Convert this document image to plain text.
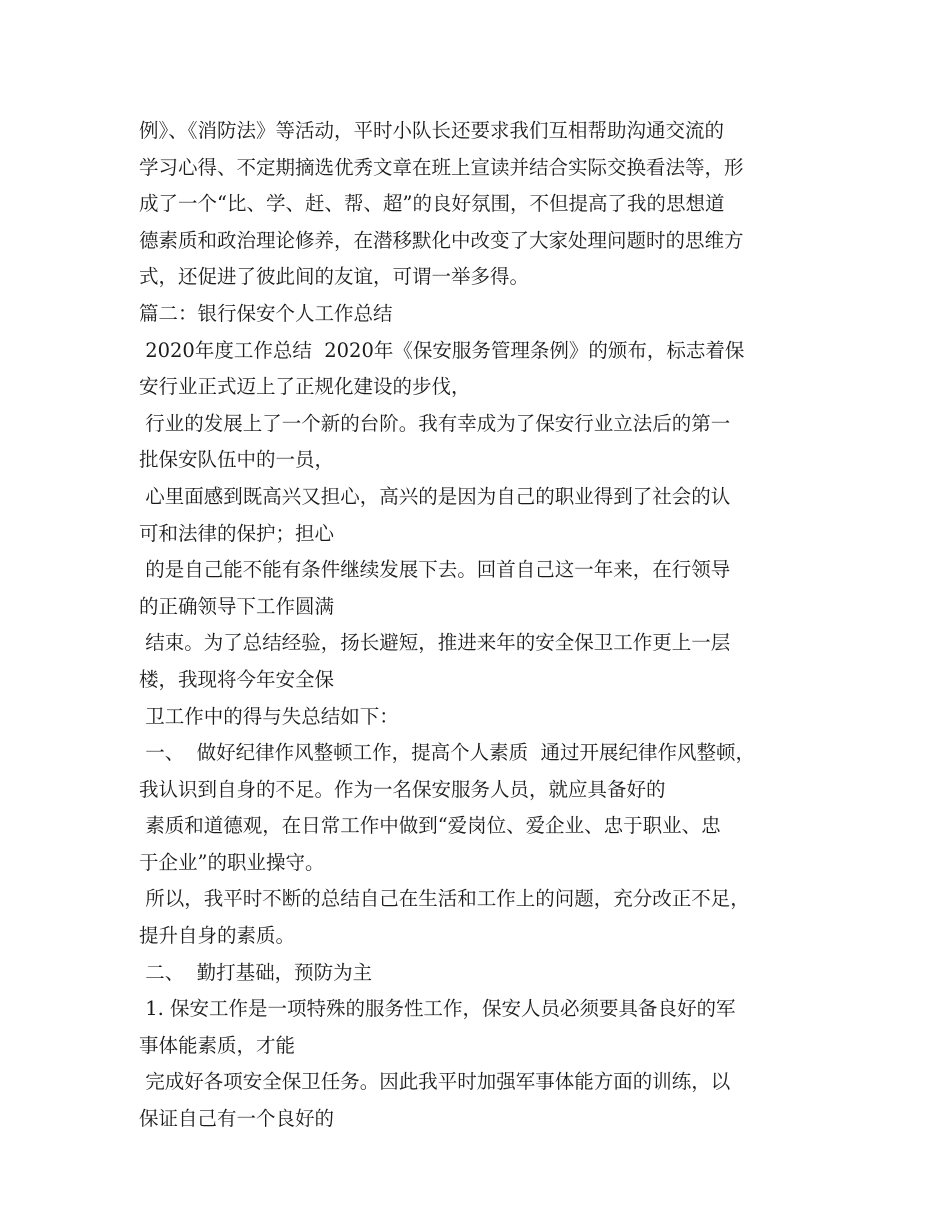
例》、《消防法》等活动，平时小队长还要求我们互相帮助沟通交流的
学习心得、不定期摘选优秀文章在班上宣读并结合实际交换看法等，形
成了一个“比、学、赶、帮、超”的良好氛围，不但提高了我的思想道
德素质和政治理论修养，在潜移默化中改变了大家处理问题时的思维方
式，还促进了彼此间的友谊，可谓一举多得。
篇二：银行保安个人工作总结
2020年度工作总结  2020年《保安服务管理条例》的颁布，标志着保
安行业正式迈上了正规化建设的步伐，
行业的发展上了一个新的台阶。我有幸成为了保安行业立法后的第一
批保安队伍中的一员，
心里面感到既高兴又担心，高兴的是因为自己的职业得到了社会的认
可和法律的保护；担心
的是自己能不能有条件继续发展下去。回首自己这一年来，在行领导
的正确领导下工作圆满
结束。为了总结经验，扬长避短，推进来年的安全保卫工作更上一层
楼，我现将今年安全保
卫工作中的得与失总结如下：
一、  做好纪律作风整顿工作，提高个人素质  通过开展纪律作风整顿，
我认识到自身的不足。作为一名保安服务人员，就应具备好的
素质和道德观，在日常工作中做到“爱岗位、爱企业、忠于职业、忠
于企业”的职业操守。
所以，我平时不断的总结自己在生活和工作上的问题，充分改正不足，
提升自身的素质。
二、  勤打基础，预防为主
1. 保安工作是一项特殊的服务性工作，保安人员必须要具备良好的军
事体能素质，才能
完成好各项安全保卫任务。因此我平时加强军事体能方面的训练，以
保证自己有一个良好的
